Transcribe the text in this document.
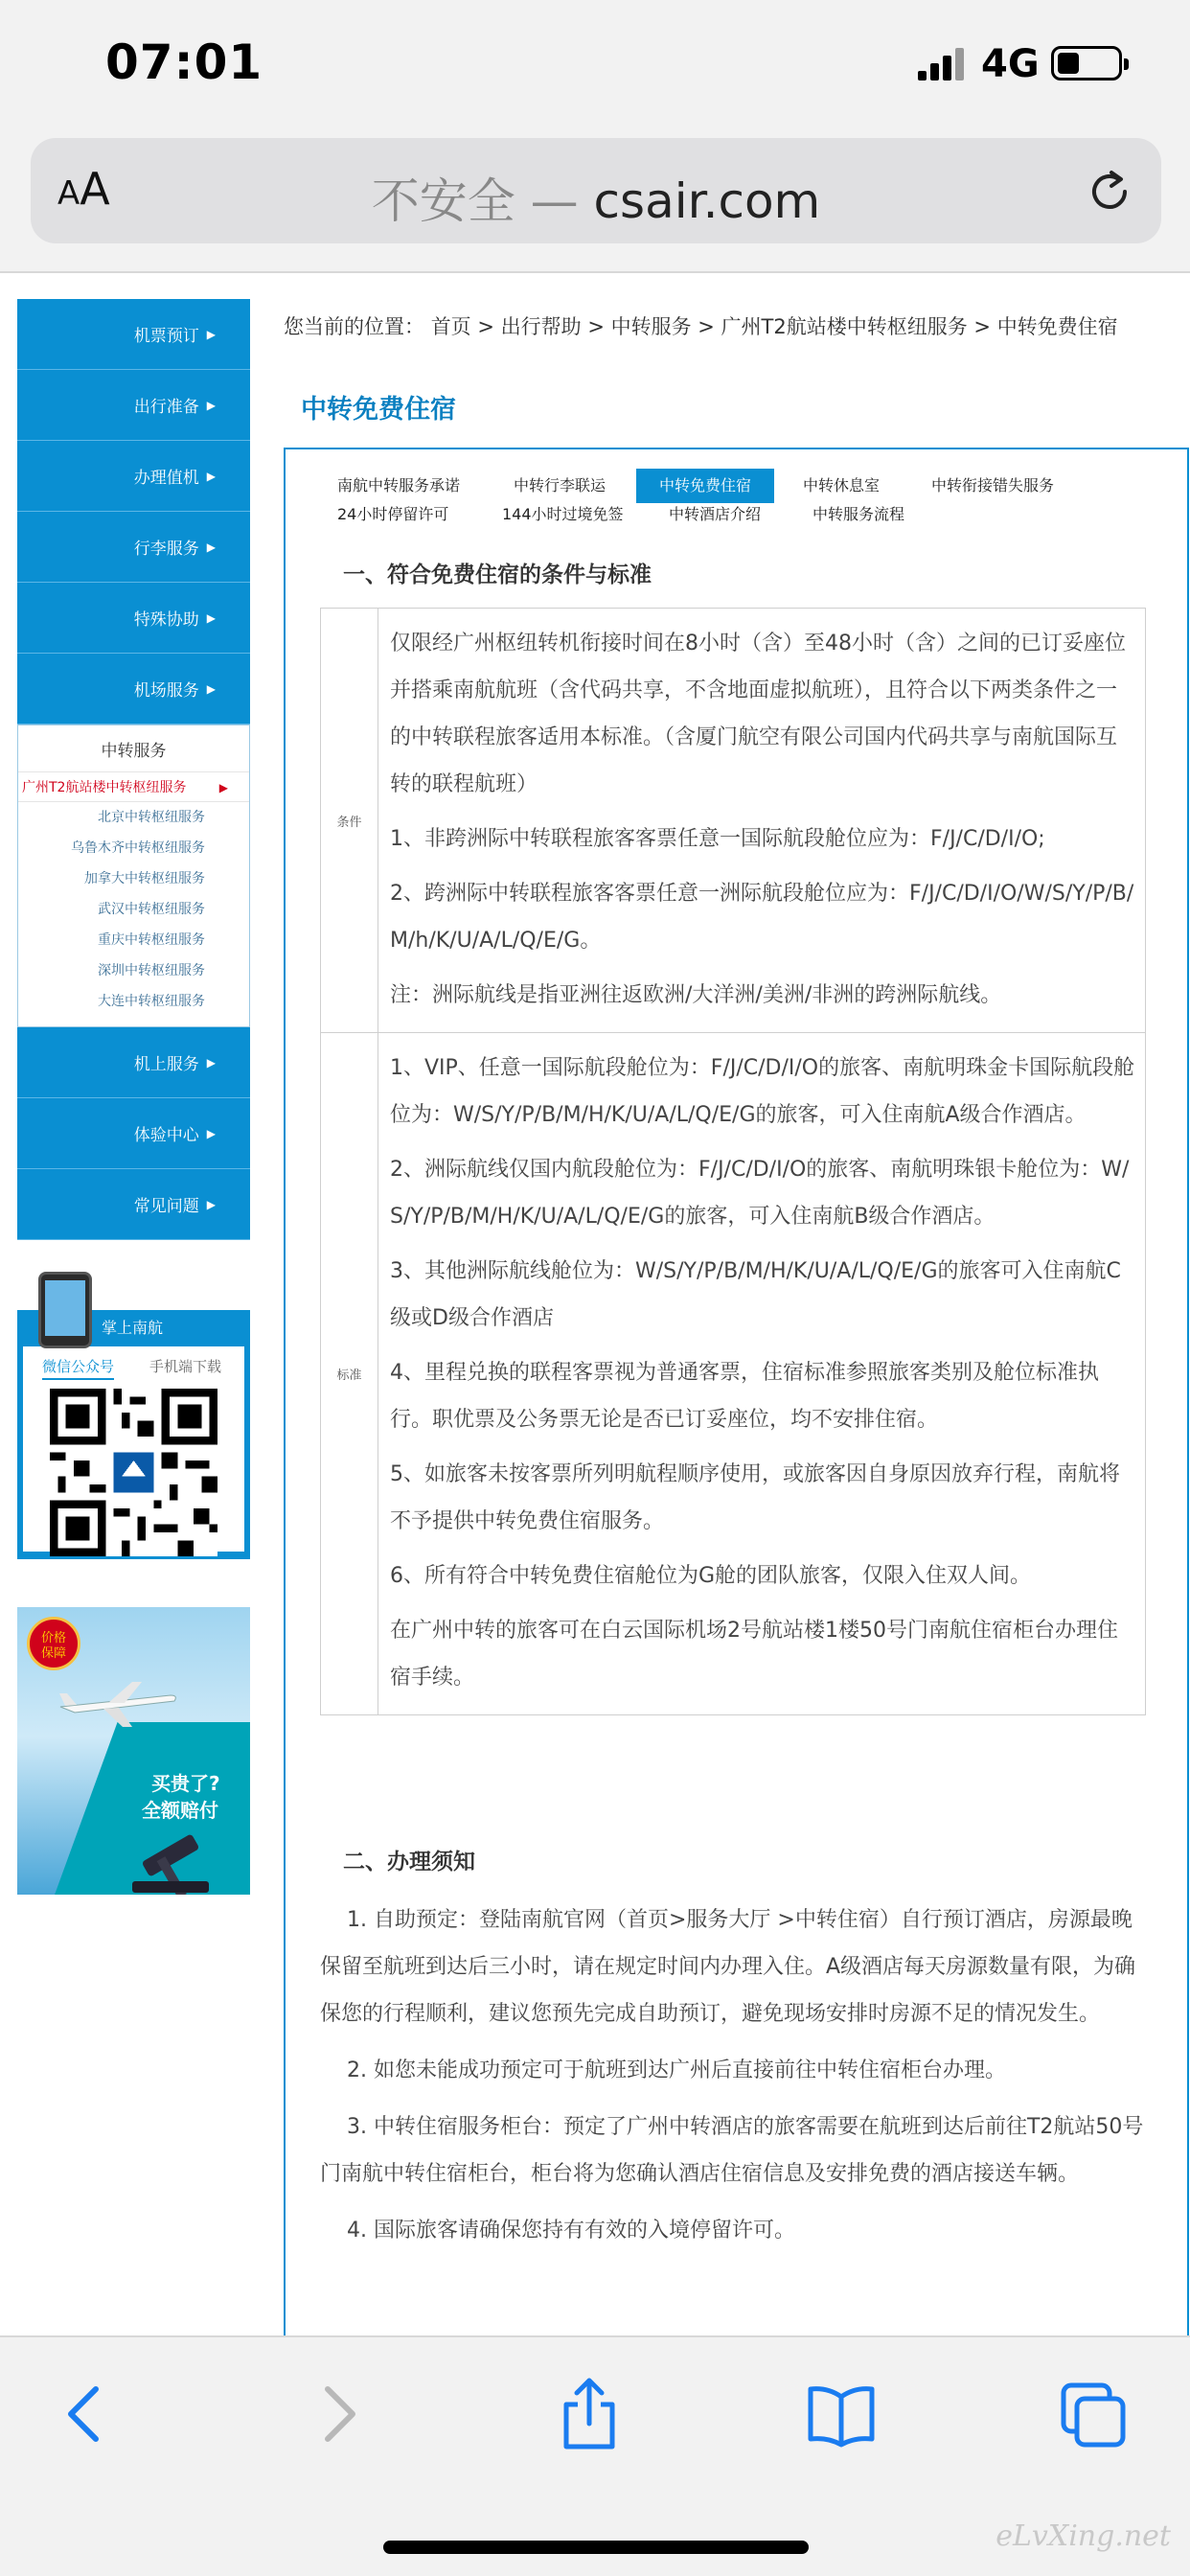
07:01	4G
AA	不安全 — csair.com
机票预订 ▶
出行准备 ▶
办理值机 ▶
行李服务 ▶
特殊协助 ▶
机场服务 ▶
中转服务
广州T2航站楼中转枢纽服务 ▶
北京中转枢纽服务
乌鲁木齐中转枢纽服务
加拿大中转枢纽服务
武汉中转枢纽服务
重庆中转枢纽服务
深圳中转枢纽服务
大连中转枢纽服务
机上服务 ▶
体验中心 ▶
常见问题 ▶
掌上南航
微信公众号 手机端下载
价格
保障
买贵了?
全额赔付
您当前的位置： 首页 > 出行帮助 > 中转服务 > 广州T2航站楼中转枢纽服务 > 中转免费住宿
中转免费住宿
南航中转服务承诺	中转行李联运	中转免费住宿	中转休息室	中转衔接错失服务
24小时停留许可	144小时过境免签	中转酒店介绍	中转服务流程
一、符合免费住宿的条件与标准
条件

仅限经广州枢纽转机衔接时间在8小时（含）至48小时（含）之间的已订妥座位并搭乘南航航班（含代码共享，不含地面虚拟航班），且符合以下两类条件之一的中转联程旅客适用本标准。（含厦门航空有限公司国内代码共享与南航国际互转的联程航班）

1、非跨洲际中转联程旅客客票任意一国际航段舱位应为：F/J/C/D/I/O;

2、跨洲际中转联程旅客客票任意一洲际航段舱位应为：F/J/C/D/I/O/W/S/Y/P/B/M/h/K/U/A/L/Q/E/G。

注：洲际航线是指亚洲往返欧洲/大洋洲/美洲/非洲的跨洲际航线。

标准

1、VIP、任意一国际航段舱位为：F/J/C/D/I/O的旅客、南航明珠金卡国际航段舱位为：W/S/Y/P/B/M/H/K/U/A/L/Q/E/G的旅客，可入住南航A级合作酒店。

2、洲际航线仅国内航段舱位为：F/J/C/D/I/O的旅客、南航明珠银卡舱位为：W/S/Y/P/B/M/H/K/U/A/L/Q/E/G的旅客，可入住南航B级合作酒店。

3、其他洲际航线舱位为：W/S/Y/P/B/M/H/K/U/A/L/Q/E/G的旅客可入住南航C级或D级合作酒店

4、里程兑换的联程客票视为普通客票，住宿标准参照旅客类别及舱位标准执行。职优票及公务票无论是否已订妥座位，均不安排住宿。

5、如旅客未按客票所列明航程顺序使用，或旅客因自身原因放弃行程，南航将不予提供中转免费住宿服务。

6、所有符合中转免费住宿舱位为G舱的团队旅客，仅限入住双人间。

在广州中转的旅客可在白云国际机场2号航站楼1楼50号门南航住宿柜台办理住宿手续。

二、办理须知

1. 自助预定：登陆南航官网（首页>服务大厅 >中转住宿）自行预订酒店，房源最晚保留至航班到达后三小时，请在规定时间内办理入住。A级酒店每天房源数量有限，为确保您的行程顺利，建议您预先完成自助预订，避免现场安排时房源不足的情况发生。

2. 如您未能成功预定可于航班到达广州后直接前往中转住宿柜台办理。

3. 中转住宿服务柜台：预定了广州中转酒店的旅客需要在航班到达后前往T2航站50号门南航中转住宿柜台，柜台将为您确认酒店住宿信息及安排免费的酒店接送车辆。

4. 国际旅客请确保您持有有效的入境停留许可。

eLvXing.net
